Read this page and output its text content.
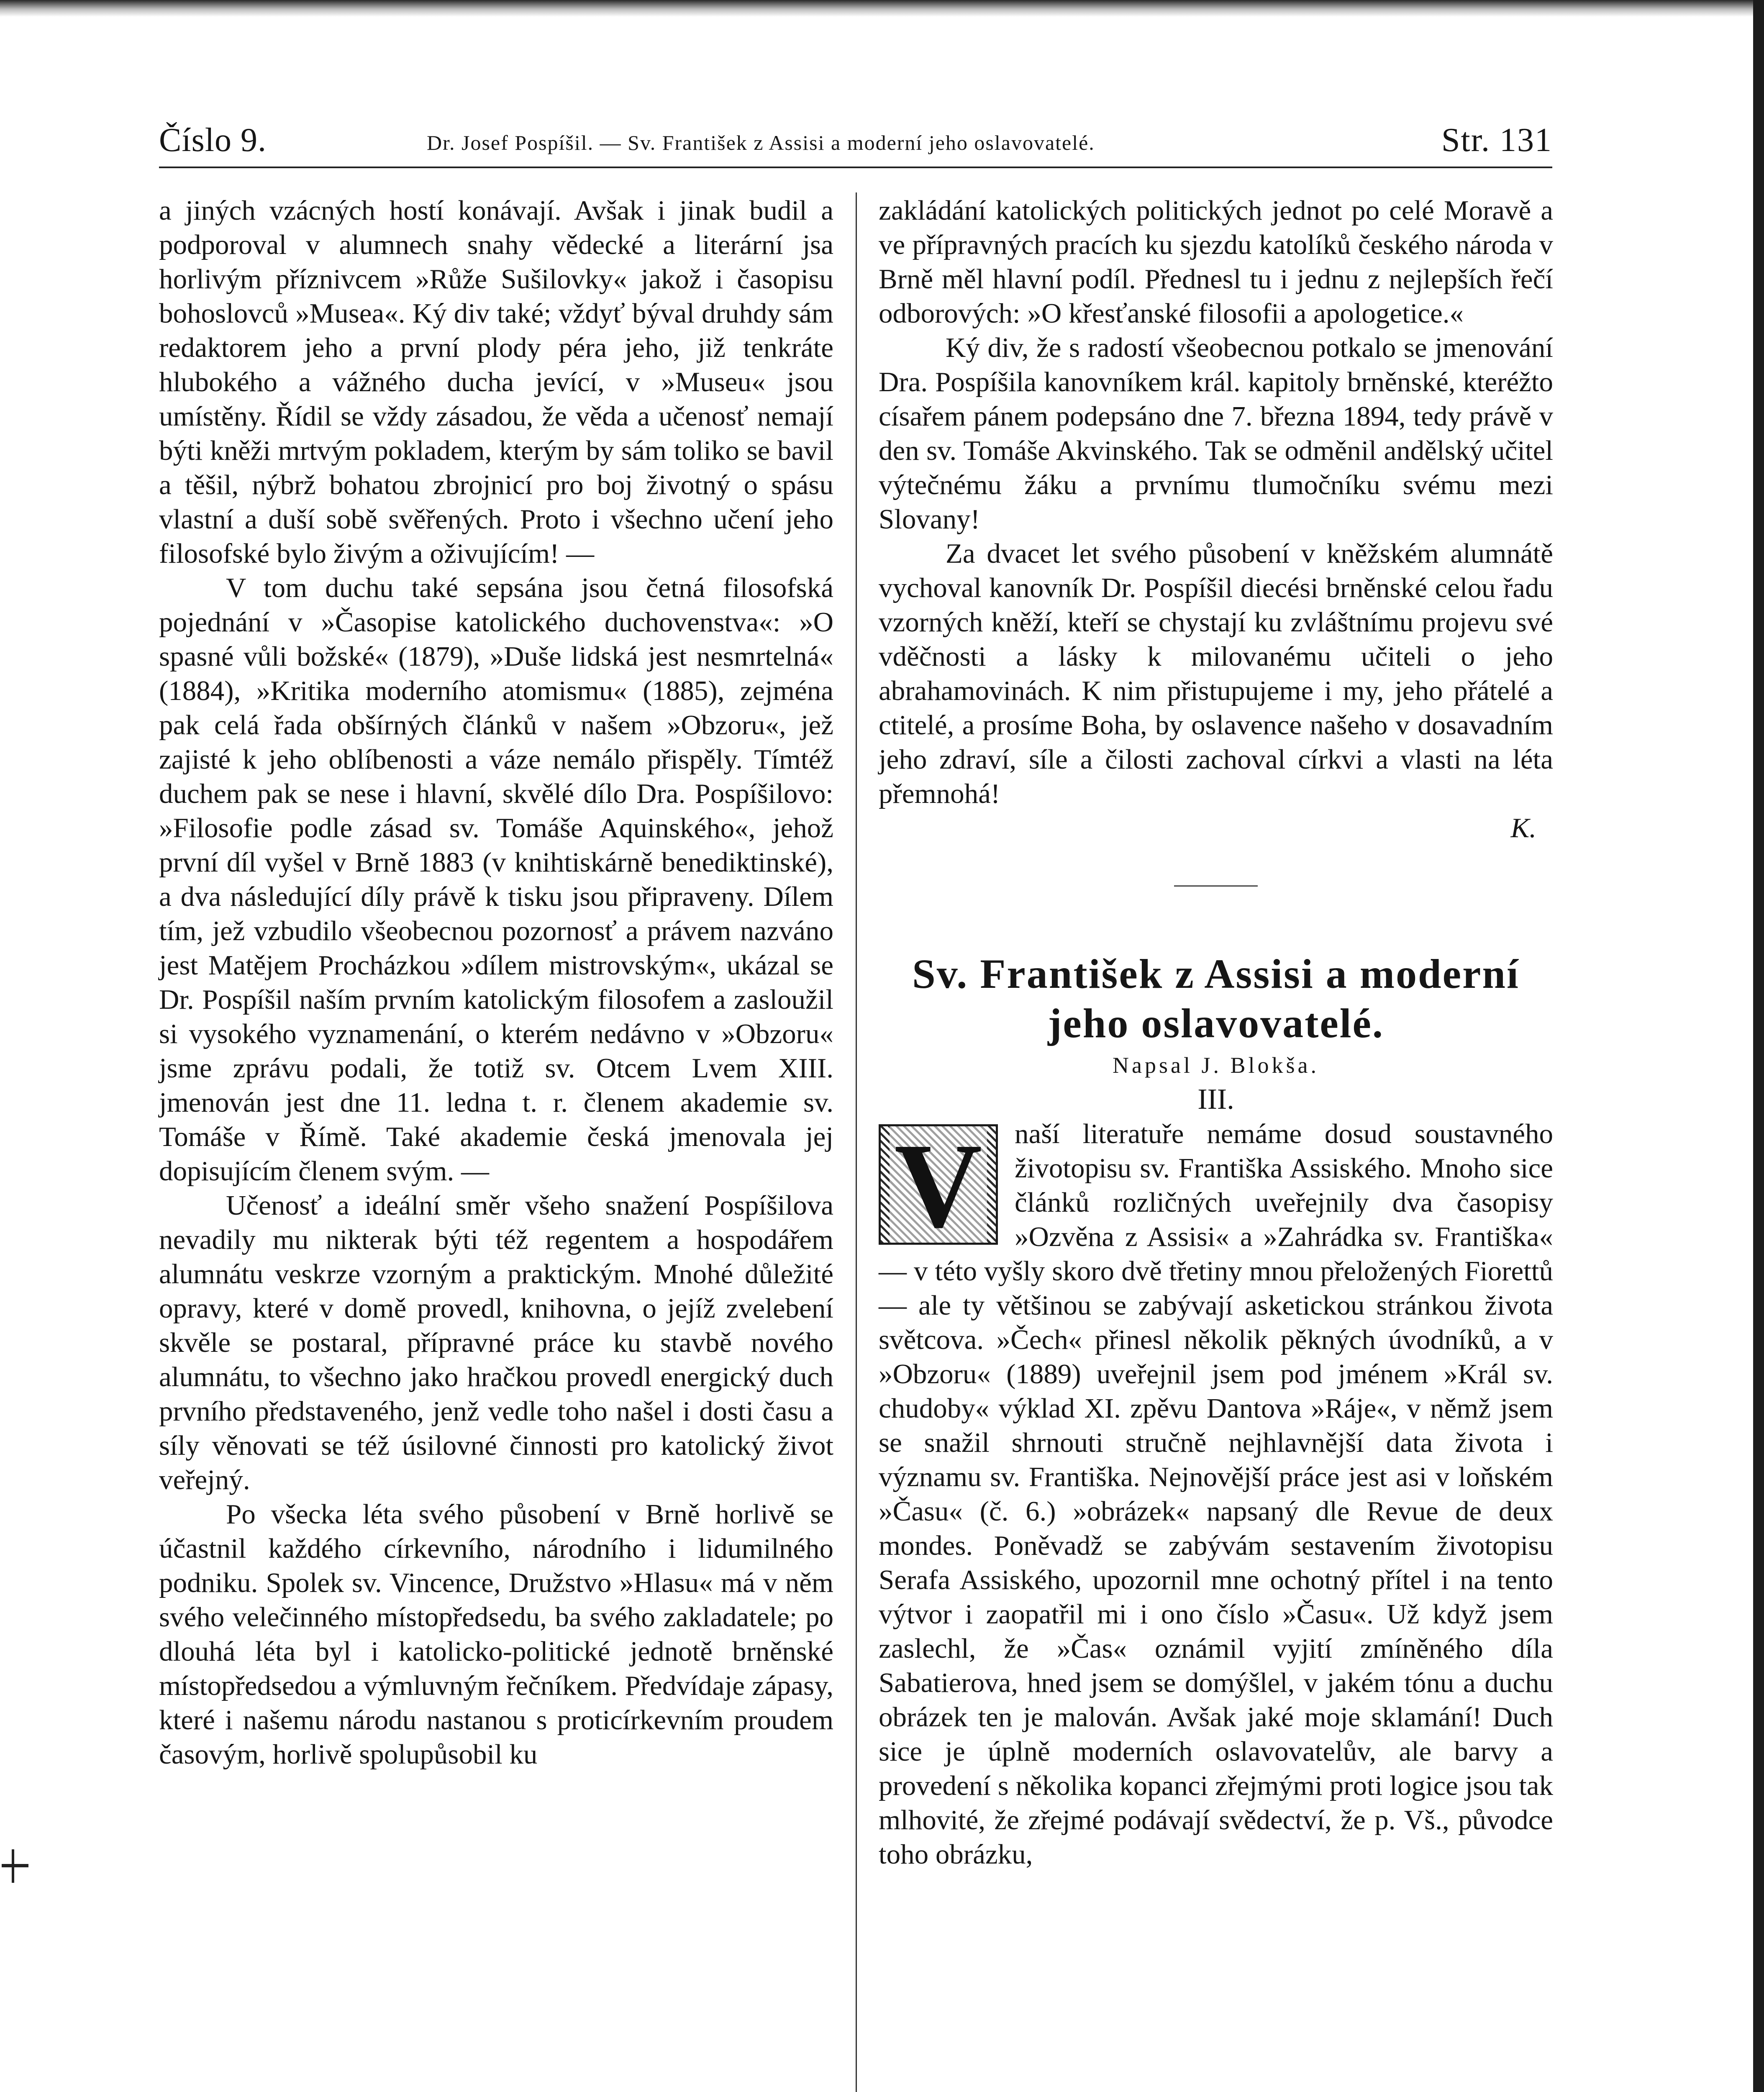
Číslo 9.	Dr. Josef Pospíšil. — Sv. František z Assisi a moderní jeho oslavovatelé.	Str. 131

a jiných vzácných hostí konávají. Avšak i jinak budil a podporoval v alumnech snahy vědecké a literární jsa horlivým příznivcem »Růže Sušilovky« jakož i časopisu bohoslovců »Musea«. Ký div také; vždyť býval druhdy sám redaktorem jeho a první plody péra jeho, již tenkráte hlubokého a vážného ducha jevící, v »Museu« jsou umístěny. Řídil se vždy zásadou, že věda a učenosť nemají býti kněži mrtvým pokladem, kterým by sám toliko se bavil a těšil, nýbrž bohatou zbrojnicí pro boj životný o spásu vlastní a duší sobě svěřených. Proto i všechno učení jeho filosofské bylo živým a oživujícím! —

V tom duchu také sepsána jsou četná filosofská pojednání v »Časopise katolického duchovenstva«: »O spasné vůli božské« (1879), »Duše lidská jest nesmrtelná« (1884), »Kritika moderního atomismu« (1885), zejména pak celá řada obšírných článků v našem »Obzoru«, jež zajisté k jeho oblíbenosti a váze nemálo přispěly. Tímtéž duchem pak se nese i hlavní, skvělé dílo Dra. Pospíšilovo: »Filosofie podle zásad sv. Tomáše Aquinského«, jehož první díl vyšel v Brně 1883 (v knihtiskárně benediktinské), a dva následující díly právě k tisku jsou připraveny. Dílem tím, jež vzbudilo všeobecnou pozornosť a právem nazváno jest Matějem Procházkou »dílem mistrovským«, ukázal se Dr. Pospíšil naším prvním katolickým filosofem a zasloužil si vysokého vyznamenání, o kterém nedávno v »Obzoru« jsme zprávu podali, že totiž sv. Otcem Lvem XIII. jmenován jest dne 11. ledna t. r. členem akademie sv. Tomáše v Římě. Také akademie česká jmenovala jej dopisujícím členem svým. —

Učenosť a ideální směr všeho snažení Pospíšilova nevadily mu nikterak býti též regentem a hospodářem alumnátu veskrze vzorným a praktickým. Mnohé důležité opravy, které v domě provedl, knihovna, o jejíž zvelebení skvěle se postaral, přípravné práce ku stavbě nového alumnátu, to všechno jako hračkou provedl energický duch prvního představeného, jenž vedle toho našel i dosti času a síly věnovati se též úsilovné činnosti pro katolický život veřejný.

Po všecka léta svého působení v Brně horlivě se účastnil každého církevního, národního i lidumilného podniku. Spolek sv. Vincence, Družstvo »Hlasu« má v něm svého velečinného místopředsedu, ba svého zakladatele; po dlouhá léta byl i katolicko-politické jednotě brněnské místopředsedou a výmluvným řečníkem. Předvídaje zápasy, které i našemu národu nastanou s proticírkevním proudem časovým, horlivě spolupůsobil ku

zakládání katolických politických jednot po celé Moravě a ve přípravných pracích ku sjezdu katolíků českého národa v Brně měl hlavní podíl. Přednesl tu i jednu z nejlepších řečí odborových: »O křesťanské filosofii a apologetice.«

Ký div, že s radostí všeobecnou potkalo se jmenování Dra. Pospíšila kanovníkem král. kapitoly brněnské, kteréžto císařem pánem podepsáno dne 7. března 1894, tedy právě v den sv. Tomáše Akvinského. Tak se odměnil andělský učitel výtečnému žáku a prvnímu tlumočníku svému mezi Slovany!

Za dvacet let svého působení v kněžském alumnátě vychoval kanovník Dr. Pospíšil diecési brněnské celou řadu vzorných kněží, kteří se chystají ku zvláštnímu projevu své vděčnosti a lásky k milovanému učiteli o jeho abrahamovinách. K nim přistupujeme i my, jeho přátelé a ctitelé, a prosíme Boha, by oslavence našeho v dosavadním jeho zdraví, síle a čilosti zachoval církvi a vlasti na léta přemnohá!

K.

Sv. František z Assisi a moderní jeho oslavovatelé.

Napsal J. Blokša.

III.

V	naší literatuře nemáme dosud soustavného životopisu sv. Františka Assiského. Mnoho sice článků rozličných uveřejnily dva časopisy »Ozvěna z Assisi« a »Zahrádka sv. Františka« — v této vyšly skoro dvě třetiny mnou přeložených Fiorettů — ale ty většinou se zabývají asketickou stránkou života světcova. »Čech« přinesl několik pěkných úvodníků, a v »Obzoru« (1889) uveřejnil jsem pod jménem »Král sv. chudoby« výklad XI. zpěvu Dantova »Ráje«, v němž jsem se snažil shrnouti stručně nejhlavnější data života i významu sv. Františka. Nejnovější práce jest asi v loňském »Času« (č. 6.) »obrázek« napsaný dle Revue de deux mondes. Poněvadž se zabývám sestavením životopisu Serafa Assiského, upozornil mne ochotný přítel i na tento výtvor i zaopatřil mi i ono číslo »Času«. Už když jsem zaslechl, že »Čas« oznámil vyjití zmíněného díla Sabatierova, hned jsem se domýšlel, v jakém tónu a duchu obrázek ten je malován. Avšak jaké moje sklamání! Duch sice je úplně moderních oslavovatelův, ale barvy a provedení s několika kopanci zřejmými proti logice jsou tak mlhovité, že zřejmé podávají svědectví, že p. Vš., původce toho obrázku,
